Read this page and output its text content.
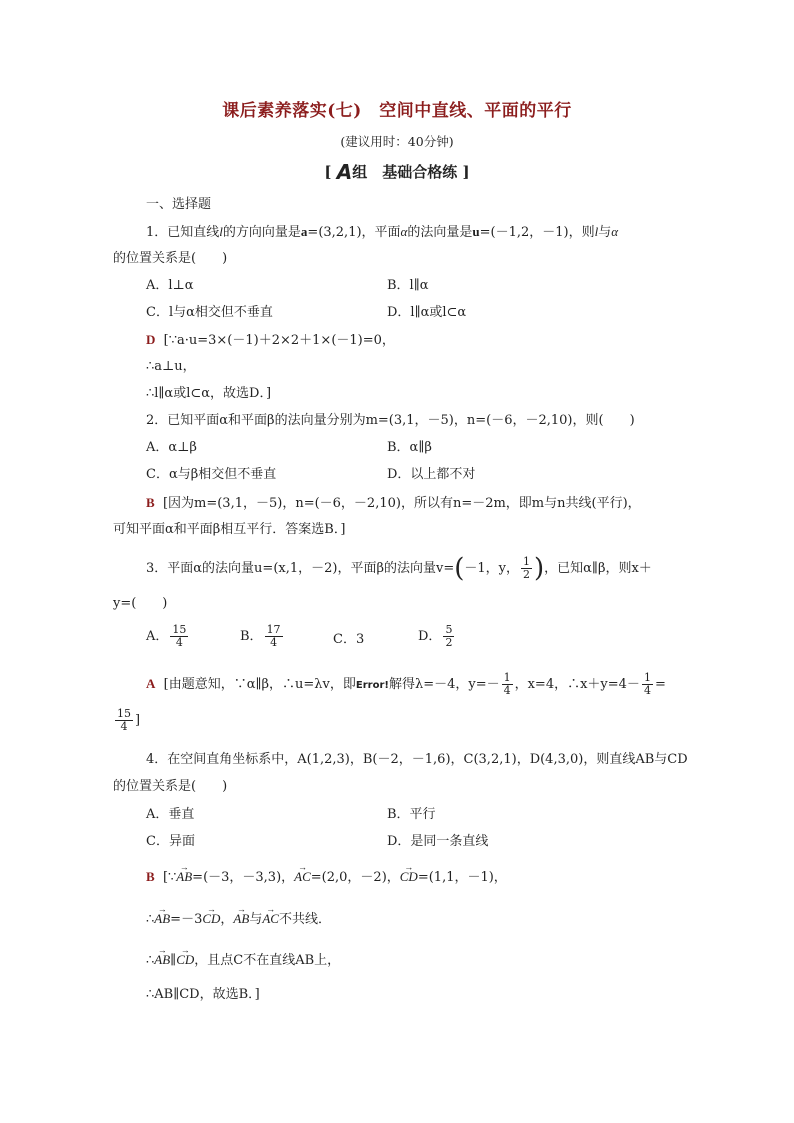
课后素养落实(七)　空间中直线、平面的平行
(建议用时：40分钟)
[ A组　基础合格练 ]
一、选择题
1．已知直线l的方向向量是a=(3,2,1)，平面α的法向量是u=(－1,2，－1)，则l与α
的位置关系是(　　)
A．l⊥α	B．l∥α
C．l与α相交但不垂直	D．l∥α或l⊂α
D [∵a·u=3×(－1)＋2×2＋1×(－1)=0，
∴a⊥u，
∴l∥α或l⊂α，故选D．]
2．已知平面α和平面β的法向量分别为m=(3,1，－5)，n=(－6，－2,10)，则(　　)
A．α⊥β	B．α∥β
C．α与β相交但不垂直	D．以上都不对
B [因为m=(3,1，－5)，n=(－6，－2,10)，所以有n=－2m，即m与n共线(平行)，
可知平面α和平面β相互平行．答案选B．]
3．平面α的法向量u=(x,1，－2)，平面β的法向量v=(－1，y， $\frac{1}{2}$ )，已知α∥β，则x＋
y=(　　)
A． $\frac{15}{4}$	B． $\frac{17}{4}$	C．3	D． $\frac{5}{2}$
A [由题意知，∵α∥β，∴u=λv，即Error!解得λ=－4，$y=- \frac{1}{4}$ ，x=4，∴x＋y=4－ $\frac{1}{4}$ =
$\frac{15}{4}$ ]
4．在空间直角坐标系中，A(1,2,3)，B(－2，－1,6)，C(3,2,1)，D(4,3,0)，则直线AB与CD
的位置关系是(　　)
A．垂直	B．平行
C．异面	D．是同一条直线
B [∵→ AB=(－3，－3,3)，→ AC=(2,0，－2)，→ CD=(1,1，－1)，
∴→ AB=－3→ CD，→ AB与→ AC不共线．
∴→ AB∥→ CD，且点C不在直线AB上，
∴AB∥CD，故选B．]
